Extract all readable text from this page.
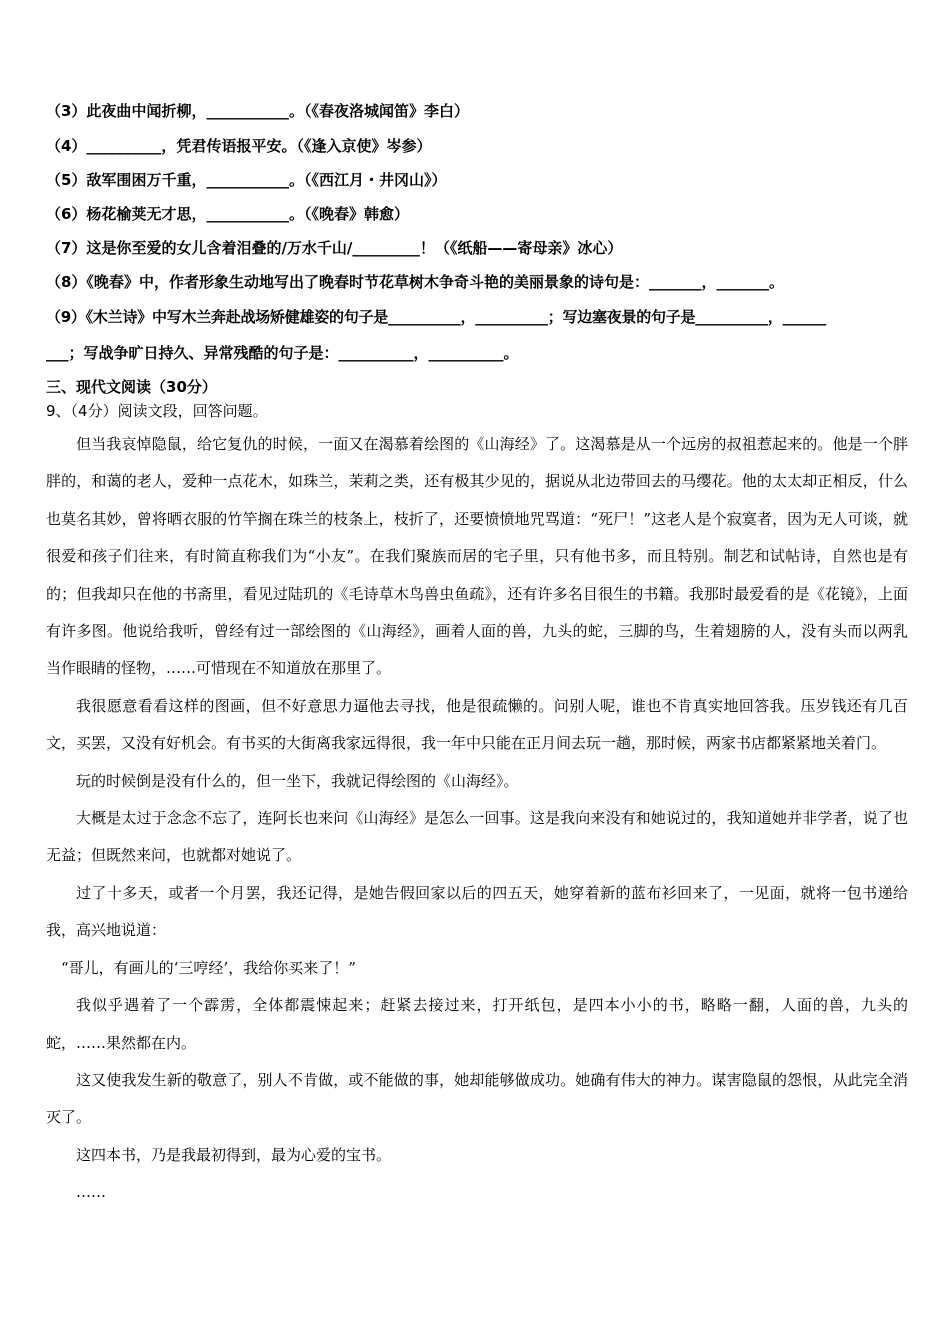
（3）此夜曲中闻折柳，___________。（《春夜洛城闻笛》李白）
（4）__________，凭君传语报平安。（《逢入京使》岑参）
（5）敌军围困万千重，___________。（《西江月・井冈山》）
（6）杨花榆荚无才思，___________。（《晚春》韩愈）
（7）这是你至爱的女儿含着泪叠的/万水千山/_________！（《纸船——寄母亲》冰心）
（8）《晚春》中，作者形象生动地写出了晚春时节花草树木争奇斗艳的美丽景象的诗句是：_______，_______。
（9）《木兰诗》中写木兰奔赴战场矫健雄姿的句子是__________，__________；写边塞夜景的句子是__________，______
___；写战争旷日持久、异常残酷的句子是：__________，__________。
三、现代文阅读（30分）
9、（4分）阅读文段，回答问题。

但当我哀悼隐鼠，给它复仇的时候，一面又在渴慕着绘图的《山海经》了。这渴慕是从一个远房的叔祖惹起来的。他是一个胖胖的，和蔼的老人，爱种一点花木，如珠兰，茉莉之类，还有极其少见的，据说从北边带回去的马缨花。他的太太却正相反，什么也莫名其妙，曾将晒衣服的竹竿搁在珠兰的枝条上，枝折了，还要愤愤地咒骂道：“死尸！”这老人是个寂寞者，因为无人可谈，就很爱和孩子们往来，有时简直称我们为“小友”。在我们聚族而居的宅子里，只有他书多，而且特别。制艺和试帖诗，自然也是有的；但我却只在他的书斋里，看见过陆玑的《毛诗草木鸟兽虫鱼疏》，还有许多名目很生的书籍。我那时最爱看的是《花镜》，上面有许多图。他说给我听，曾经有过一部绘图的《山海经》，画着人面的兽，九头的蛇，三脚的鸟，生着翅膀的人，没有头而以两乳当作眼睛的怪物，……可惜现在不知道放在那里了。

我很愿意看看这样的图画，但不好意思力逼他去寻找，他是很疏懒的。问别人呢，谁也不肯真实地回答我。压岁钱还有几百文，买罢，又没有好机会。有书买的大街离我家远得很，我一年中只能在正月间去玩一趟，那时候，两家书店都紧紧地关着门。

玩的时候倒是没有什么的，但一坐下，我就记得绘图的《山海经》。

大概是太过于念念不忘了，连阿长也来问《山海经》是怎么一回事。这是我向来没有和她说过的，我知道她并非学者，说了也无益；但既然来问，也就都对她说了。

过了十多天，或者一个月罢，我还记得，是她告假回家以后的四五天，她穿着新的蓝布衫回来了，一见面，就将一包书递给我，高兴地说道：

“哥儿，有画儿的‘三哼经’，我给你买来了！”

我似乎遇着了一个霹雳，全体都震悚起来；赶紧去接过来，打开纸包，是四本小小的书，略略一翻，人面的兽，九头的蛇，……果然都在内。

这又使我发生新的敬意了，别人不肯做，或不能做的事，她却能够做成功。她确有伟大的神力。谋害隐鼠的怨恨，从此完全消灭了。

这四本书，乃是我最初得到，最为心爱的宝书。

……
